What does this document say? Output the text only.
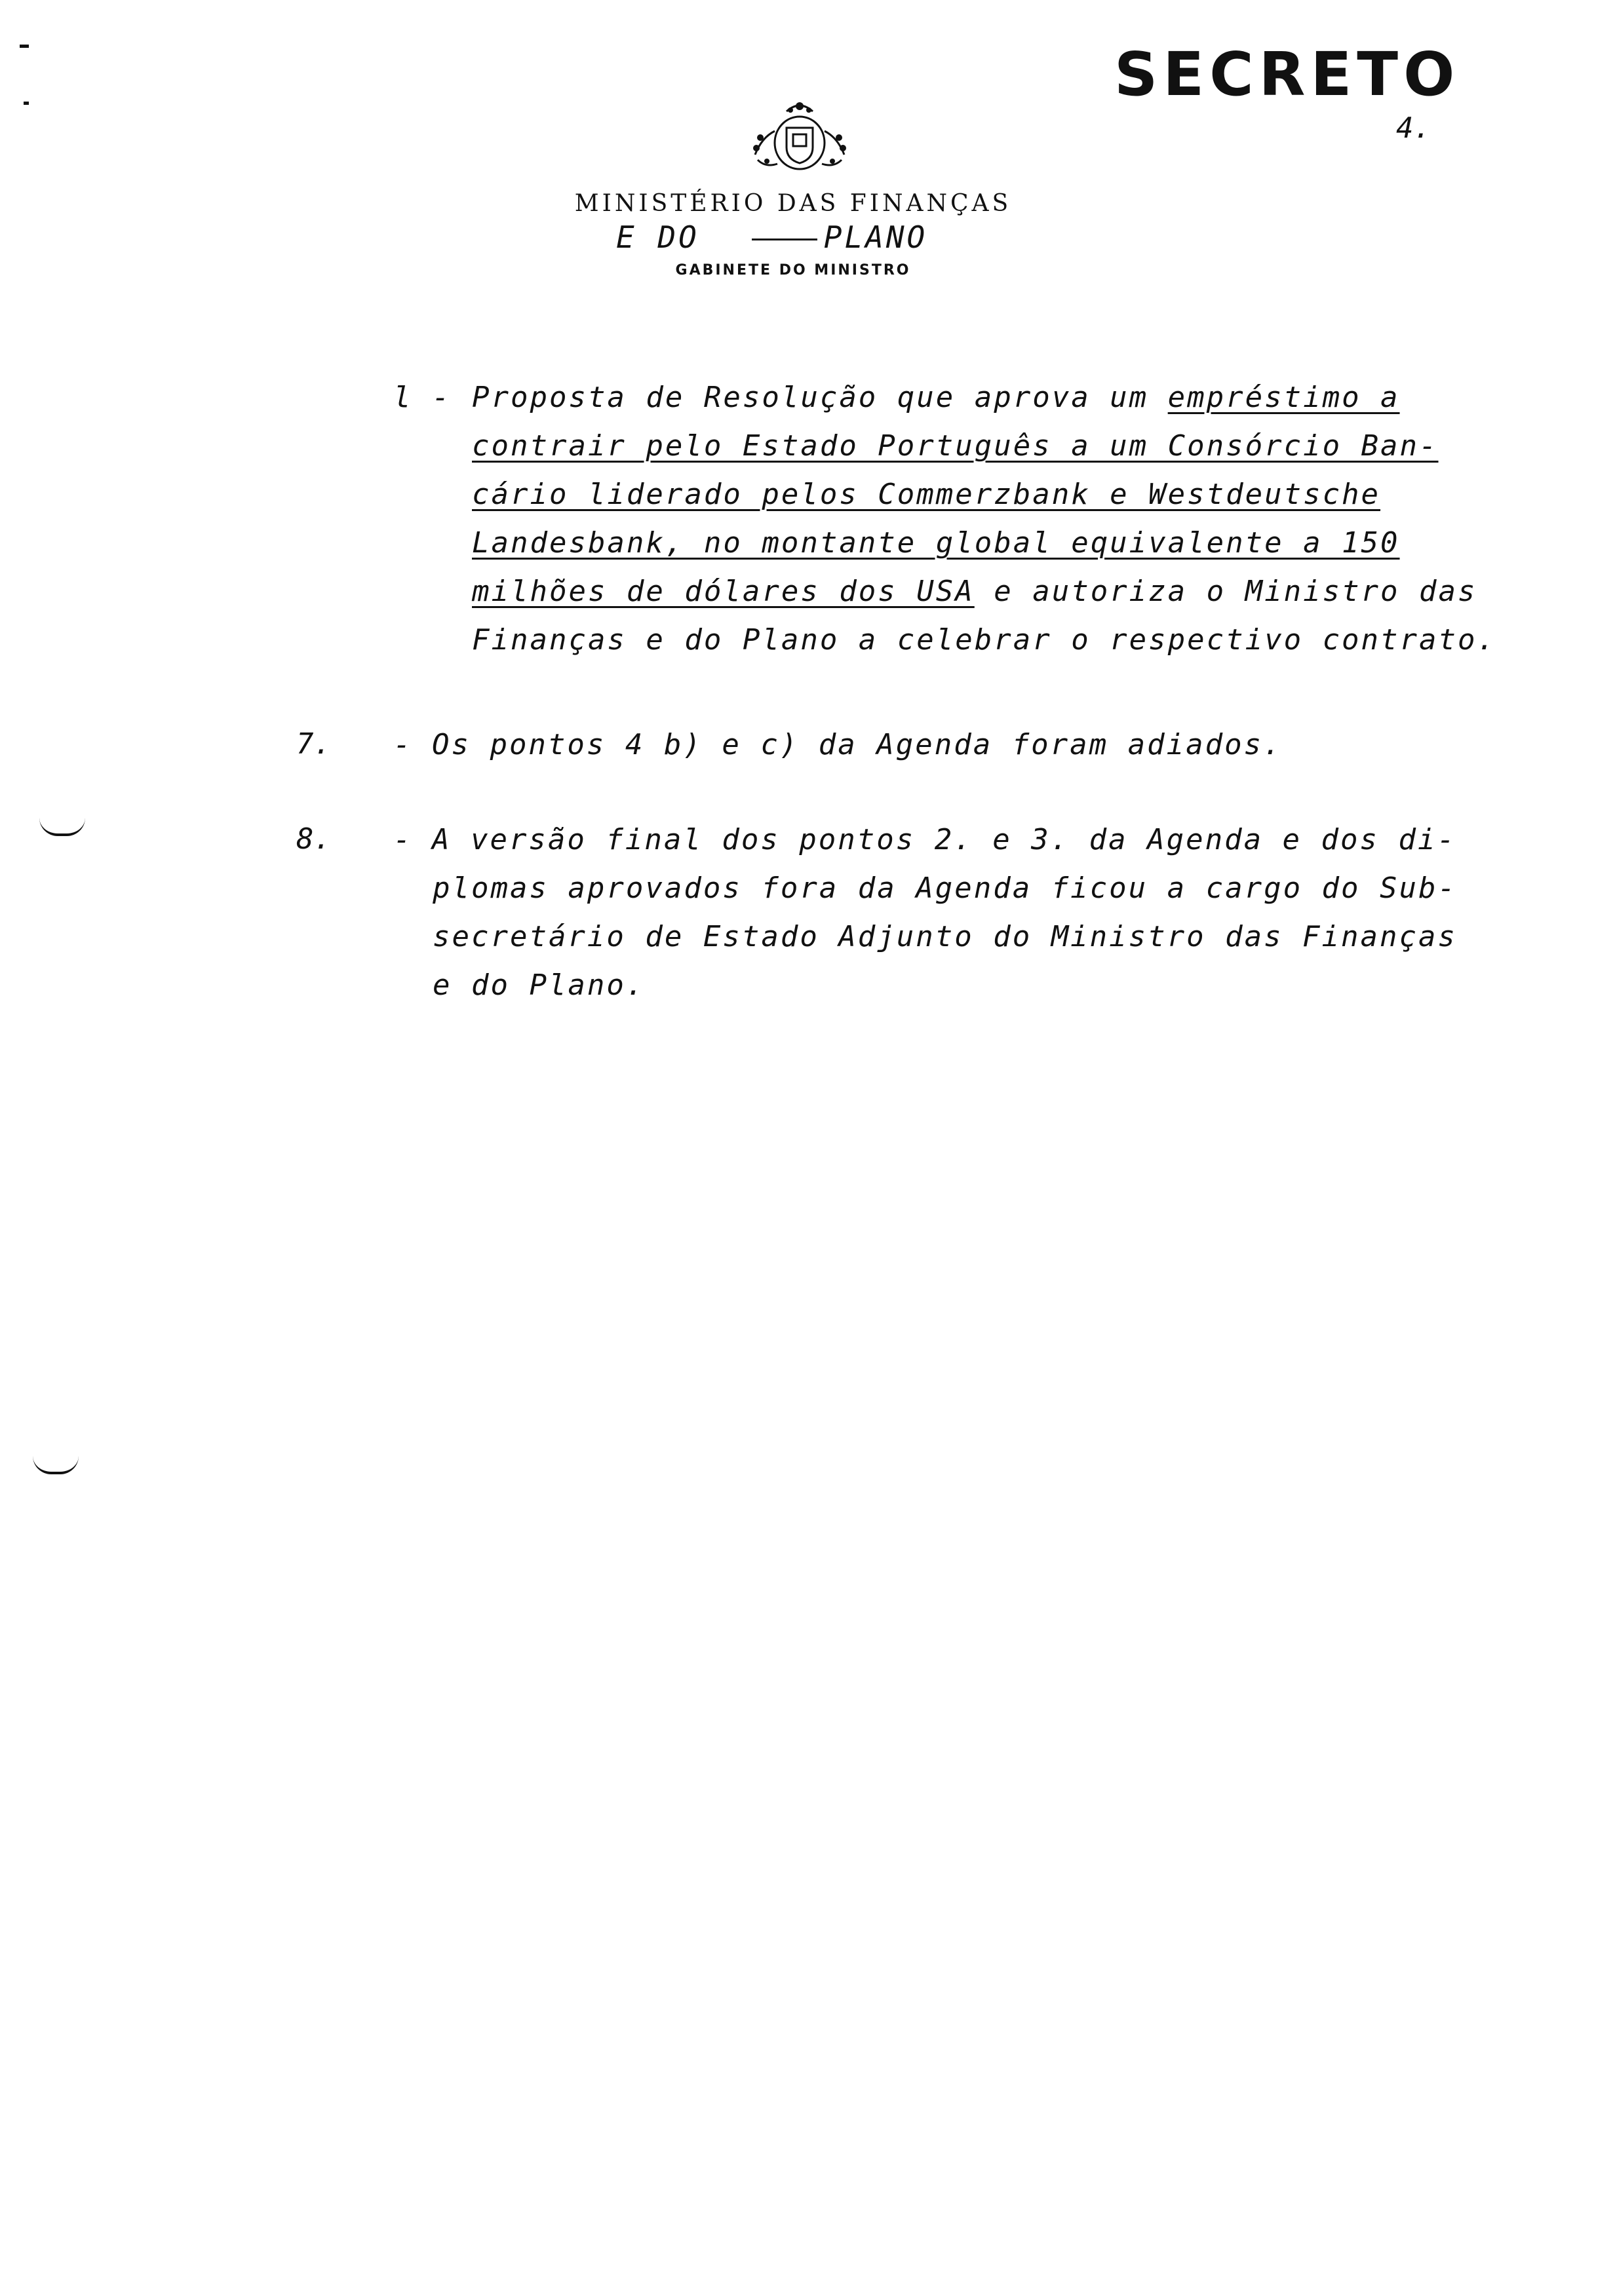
SECRETO
4.
MINISTÉRIO DAS FINANÇAS
E DO	PLANO
GABINETE DO MINISTRO
l - Proposta de Resolução que aprova um empréstimo a
contrair pelo Estado Português a um Consórcio Ban-
cário liderado pelos Commerzbank e Westdeutsche
Landesbank, no montante global equivalente a 150
milhões de dólares dos USA e autoriza o Ministro das
Finanças e do Plano a celebrar o respectivo contrato.
7. - Os pontos 4 b) e c) da Agenda foram adiados.
8. - A versão final dos pontos 2. e 3. da Agenda e dos di-
plomas aprovados fora da Agenda ficou a cargo do Sub-
secretário de Estado Adjunto do Ministro das Finanças
e do Plano.
